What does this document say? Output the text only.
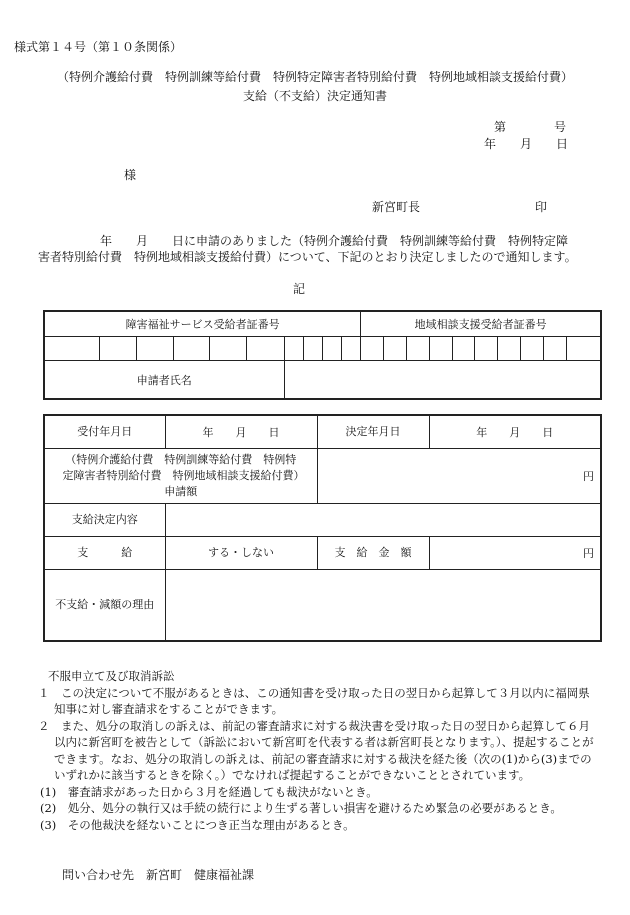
様式第１４号（第１０条関係）
（特例介護給付費　特例訓練等給付費　特例特定障害者特別給付費　特例地域相談支援給付費）
支給（不支給）決定通知書
第　　　　号
年　　月　　日
様
新宮町長	印
年　　月　　日に申請のありました（特例介護給付費　特例訓練等給付費　特例特定障
害者特別給付費　特例地域相談支援給付費）について、下記のとおり決定しましたので通知します。
記
障害福祉サービス受給者証番号										地域相談支援受給者証番号									

申請者氏名																			
受付年月日	年　　月　　日	決定年月日	年　　月　　日
（特例介護給付費　特例訓練等給付費　特例特定障害者特別給付費　特例地域相談支援給付費）申請額		円	
支給決定内容			
支　　　給	する・しない	支　給　金　額	円
不支給・減額の理由			

不服申立て及び取消訴訟

１　この決定について不服があるときは、この通知書を受け取った日の翌日から起算して３月以内に福岡県知事に対し審査請求をすることができます。

２　また、処分の取消しの訴えは、前記の審査請求に対する裁決書を受け取った日の翌日から起算して６月以内に新宮町を被告として（訴訟において新宮町を代表する者は新宮町長となります。）、提起することができます。なお、処分の取消しの訴えは、前記の審査請求に対する裁決を経た後（次の(1)から(3)までのいずれかに該当するときを除く。）でなければ提起することができないこととされています。

(1)　審査請求があった日から３月を経過しても裁決がないとき。

(2)　処分、処分の執行又は手続の続行により生ずる著しい損害を避けるため緊急の必要があるとき。

(3)　その他裁決を経ないことにつき正当な理由があるとき。

問い合わせ先　新宮町　健康福祉課
